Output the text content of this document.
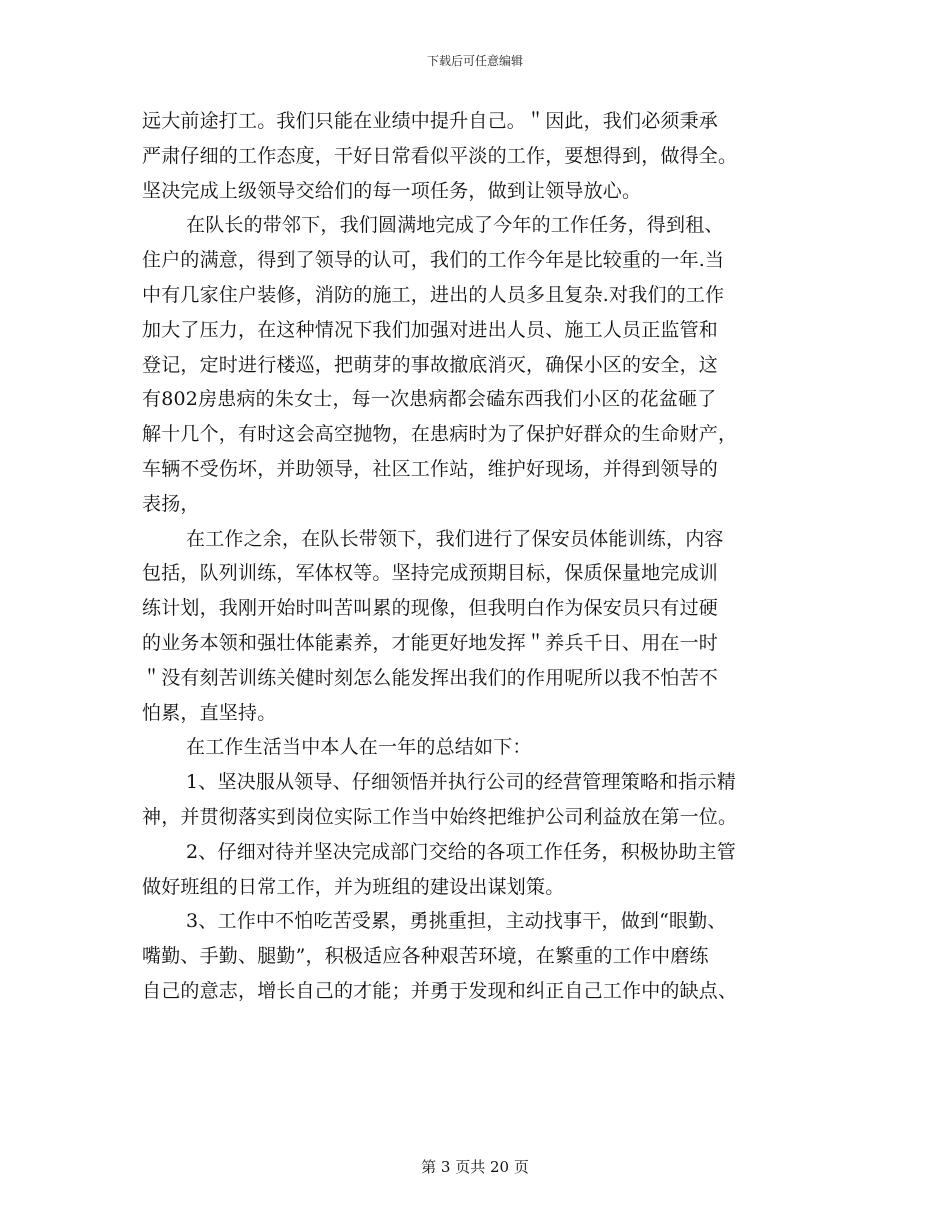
下载后可任意编辑
远大前途打工。我们只能在业绩中提升自己。＂因此，我们必须秉承
严肃仔细的工作态度，干好日常看似平淡的工作，要想得到，做得全。
坚决完成上级领导交给们的每一项任务，做到让领导放心。
在队长的带邻下，我们圆满地完成了今年的工作任务，得到租、
住户的满意，得到了领导的认可，我们的工作今年是比较重的一年.当
中有几家住户装修，消防的施工，进出的人员多且复杂.对我们的工作
加大了压力，在这种情况下我们加强对进出人员、施工人员正监管和
登记，定时进行楼巡，把萌芽的事故撤底消灭，确保小区的安全，这
有802房患病的朱女士，每一次患病都会磕东西我们小区的花盆砸了
解十几个，有时这会高空抛物，在患病时为了保护好群众的生命财产，
车辆不受伤坏，并助领导，社区工作站，维护好现场，并得到领导的
表扬，
在工作之余，在队长带领下，我们进行了保安员体能训练，内容
包括，队列训练，军体权等。坚持完成预期目标，保质保量地完成训
练计划，我刚开始时叫苦叫累的现像，但我明白作为保安员只有过硬
的业务本领和强壮体能素养，才能更好地发挥＂养兵千日、用在一时
＂没有刻苦训练关健时刻怎么能发挥出我们的作用呢所以我不怕苦不
怕累，直坚持。
在工作生活当中本人在一年的总结如下：
1、坚决服从领导、仔细领悟并执行公司的经营管理策略和指示精
神，并贯彻落实到岗位实际工作当中始终把维护公司利益放在第一位。
2、仔细对待并坚决完成部门交给的各项工作任务，积极协助主管
做好班组的日常工作，并为班组的建设出谋划策。
3、工作中不怕吃苦受累，勇挑重担，主动找事干，做到“眼勤、
嘴勤、手勤、腿勤”，积极适应各种艰苦环境，在繁重的工作中磨练
自己的意志，增长自己的才能；并勇于发现和纠正自己工作中的缺点、
第 3 页共 20 页
